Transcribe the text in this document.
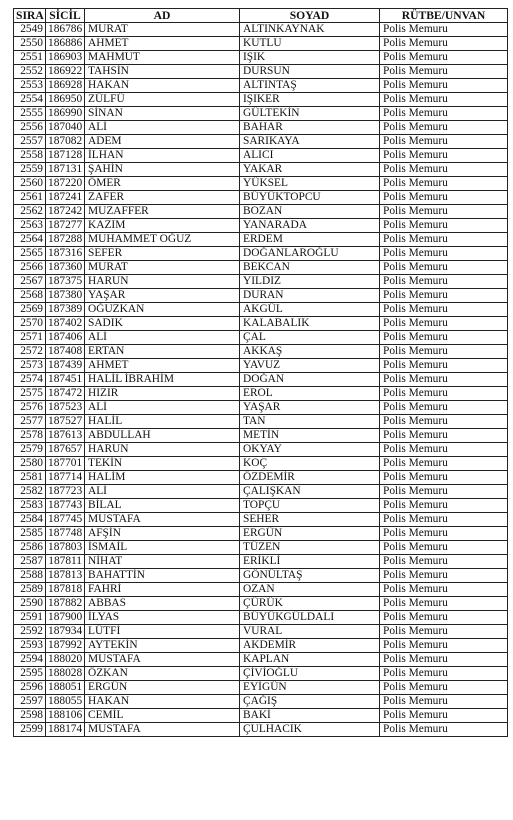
SIRA	SİCİL	AD	SOYAD	RÜTBE/UNVAN
2549	186786	MURAT	ALTINKAYNAK	Polis Memuru
2550	186886	AHMET	KUTLU	Polis Memuru
2551	186903	MAHMUT	IŞIK	Polis Memuru
2552	186922	TAHSİN	DURSUN	Polis Memuru
2553	186928	HAKAN	ALTINTAŞ	Polis Memuru
2554	186950	ZÜLFÜ	IŞIKER	Polis Memuru
2555	186990	SİNAN	GÜLTEKİN	Polis Memuru
2556	187040	ALİ	BAHAR	Polis Memuru
2557	187082	ADEM	SARIKAYA	Polis Memuru
2558	187128	İLHAN	ALICI	Polis Memuru
2559	187131	ŞAHİN	YAKAR	Polis Memuru
2560	187220	ÖMER	YÜKSEL	Polis Memuru
2561	187241	ZAFER	BÜYÜKTOPCU	Polis Memuru
2562	187242	MUZAFFER	BOZAN	Polis Memuru
2563	187277	KAZIM	YANARADA	Polis Memuru
2564	187288	MUHAMMET OĞUZ	ERDEM	Polis Memuru
2565	187316	SEFER	DOĞANLAROĞLU	Polis Memuru
2566	187360	MURAT	BEKCAN	Polis Memuru
2567	187375	HARUN	YILDIZ	Polis Memuru
2568	187380	YAŞAR	DURAN	Polis Memuru
2569	187389	OĞUZKAN	AKGÜL	Polis Memuru
2570	187402	SADIK	KALABALIK	Polis Memuru
2571	187406	ALİ	ÇAL	Polis Memuru
2572	187408	ERTAN	AKKAŞ	Polis Memuru
2573	187439	AHMET	YAVUZ	Polis Memuru
2574	187451	HALİL İBRAHİM	DOĞAN	Polis Memuru
2575	187472	HIZIR	EROL	Polis Memuru
2576	187523	ALİ	YAŞAR	Polis Memuru
2577	187527	HALİL	TAN	Polis Memuru
2578	187613	ABDULLAH	METİN	Polis Memuru
2579	187657	HARUN	OKYAY	Polis Memuru
2580	187701	TEKİN	KOÇ	Polis Memuru
2581	187714	HALİM	ÖZDEMİR	Polis Memuru
2582	187723	ALİ	ÇALIŞKAN	Polis Memuru
2583	187743	BİLAL	TOPÇU	Polis Memuru
2584	187745	MUSTAFA	SEHER	Polis Memuru
2585	187748	AFŞİN	ERGÜN	Polis Memuru
2586	187803	İSMAİL	TÜZEN	Polis Memuru
2587	187811	NİHAT	ERİKLİ	Polis Memuru
2588	187813	BAHATTİN	GÖNÜLTAŞ	Polis Memuru
2589	187818	FAHRİ	OZAN	Polis Memuru
2590	187882	ABBAS	ÇÜRÜK	Polis Memuru
2591	187900	İLYAS	BÜYÜKGÜLDALI	Polis Memuru
2592	187934	LÜTFİ	VURAL	Polis Memuru
2593	187992	AYTEKİN	AKDEMİR	Polis Memuru
2594	188020	MUSTAFA	KAPLAN	Polis Memuru
2595	188028	ÖZKAN	ÇİVİOĞLU	Polis Memuru
2596	188051	ERGÜN	EYİGÜN	Polis Memuru
2597	188055	HAKAN	ÇAĞIŞ	Polis Memuru
2598	188106	CEMİL	BAKİ	Polis Memuru
2599	188174	MUSTAFA	ÇULHACIK	Polis Memuru
